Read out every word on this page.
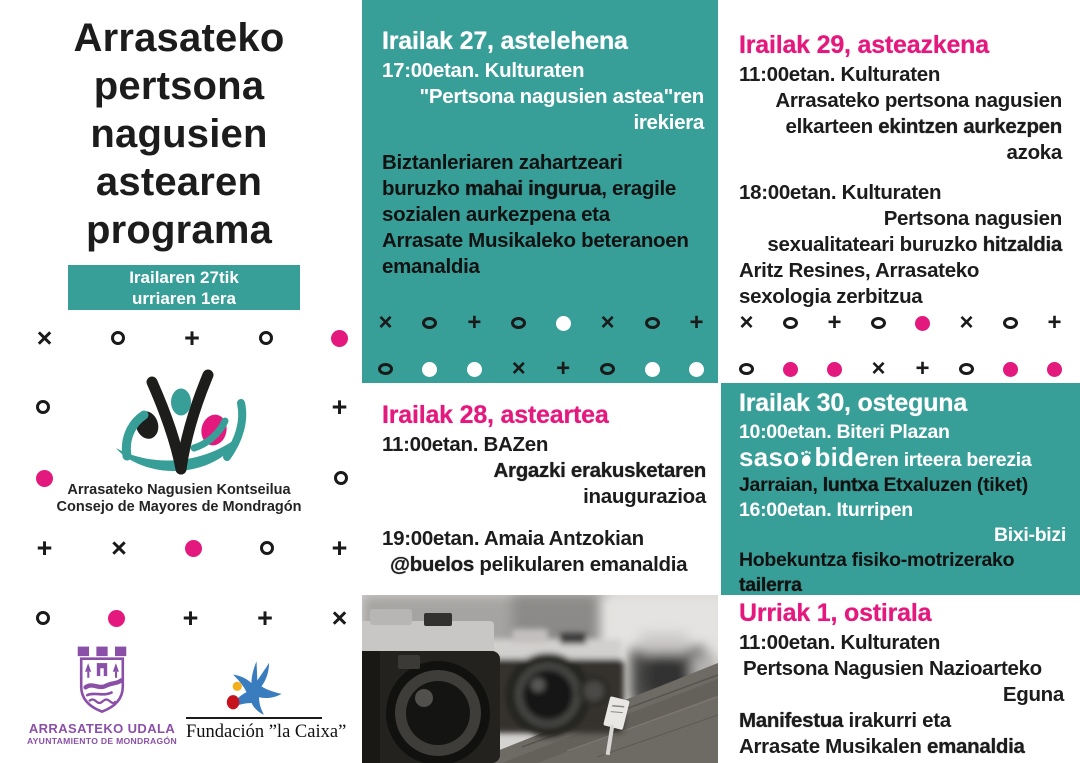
Arrasateko
pertsona
nagusien
astearen
programa
Irailaren 27tik
urriaren 1era
×	+
+
+ ×	+
+ + ×
Arrasateko Nagusien Kontseilua
Consejo de Mayores de Mondragón
ARRASATEKO UDALA
AYUNTAMIENTO DE MONDRAGÓN Fundación ”la Caixa”
Irailak 27, astelehena
17:00etan. Kulturaten
"Pertsona nagusien astea"ren
irekiera
Biztanleriaren zahartzeari
buruzko mahai ingurua, eragile
sozialen aurkezpena eta
Arrasate Musikaleko beteranoen
emanaldia
×	+	×	+
× +
Irailak 29, asteazkena
11:00etan. Kulturaten
Arrasateko pertsona nagusien
elkarteen ekintzen aurkezpen
azoka
18:00etan. Kulturaten
Pertsona nagusien
sexualitateari buruzko hitzaldia
Aritz Resines, Arrasateko
sexologia zerbitzua
×	+	×	+
× +
Irailak 28, asteartea
11:00etan. BAZen
Argazki erakusketaren
inaugurazioa
19:00etan. Amaia Antzokian
@buelos pelikularen emanaldia
Irailak 30, osteguna
10:00etan. Biteri Plazan
saso bideren irteera berezia
Jarraian, luntxa Etxaluzen (tiket)
16:00etan. Iturripen
Bixi-bizi
Hobekuntza fisiko-motrizerako
tailerra
Urriak 1, ostirala
11:00etan. Kulturaten
Pertsona Nagusien Nazioarteko
Eguna
Manifestua irakurri eta
Arrasate Musikalen emanaldia
